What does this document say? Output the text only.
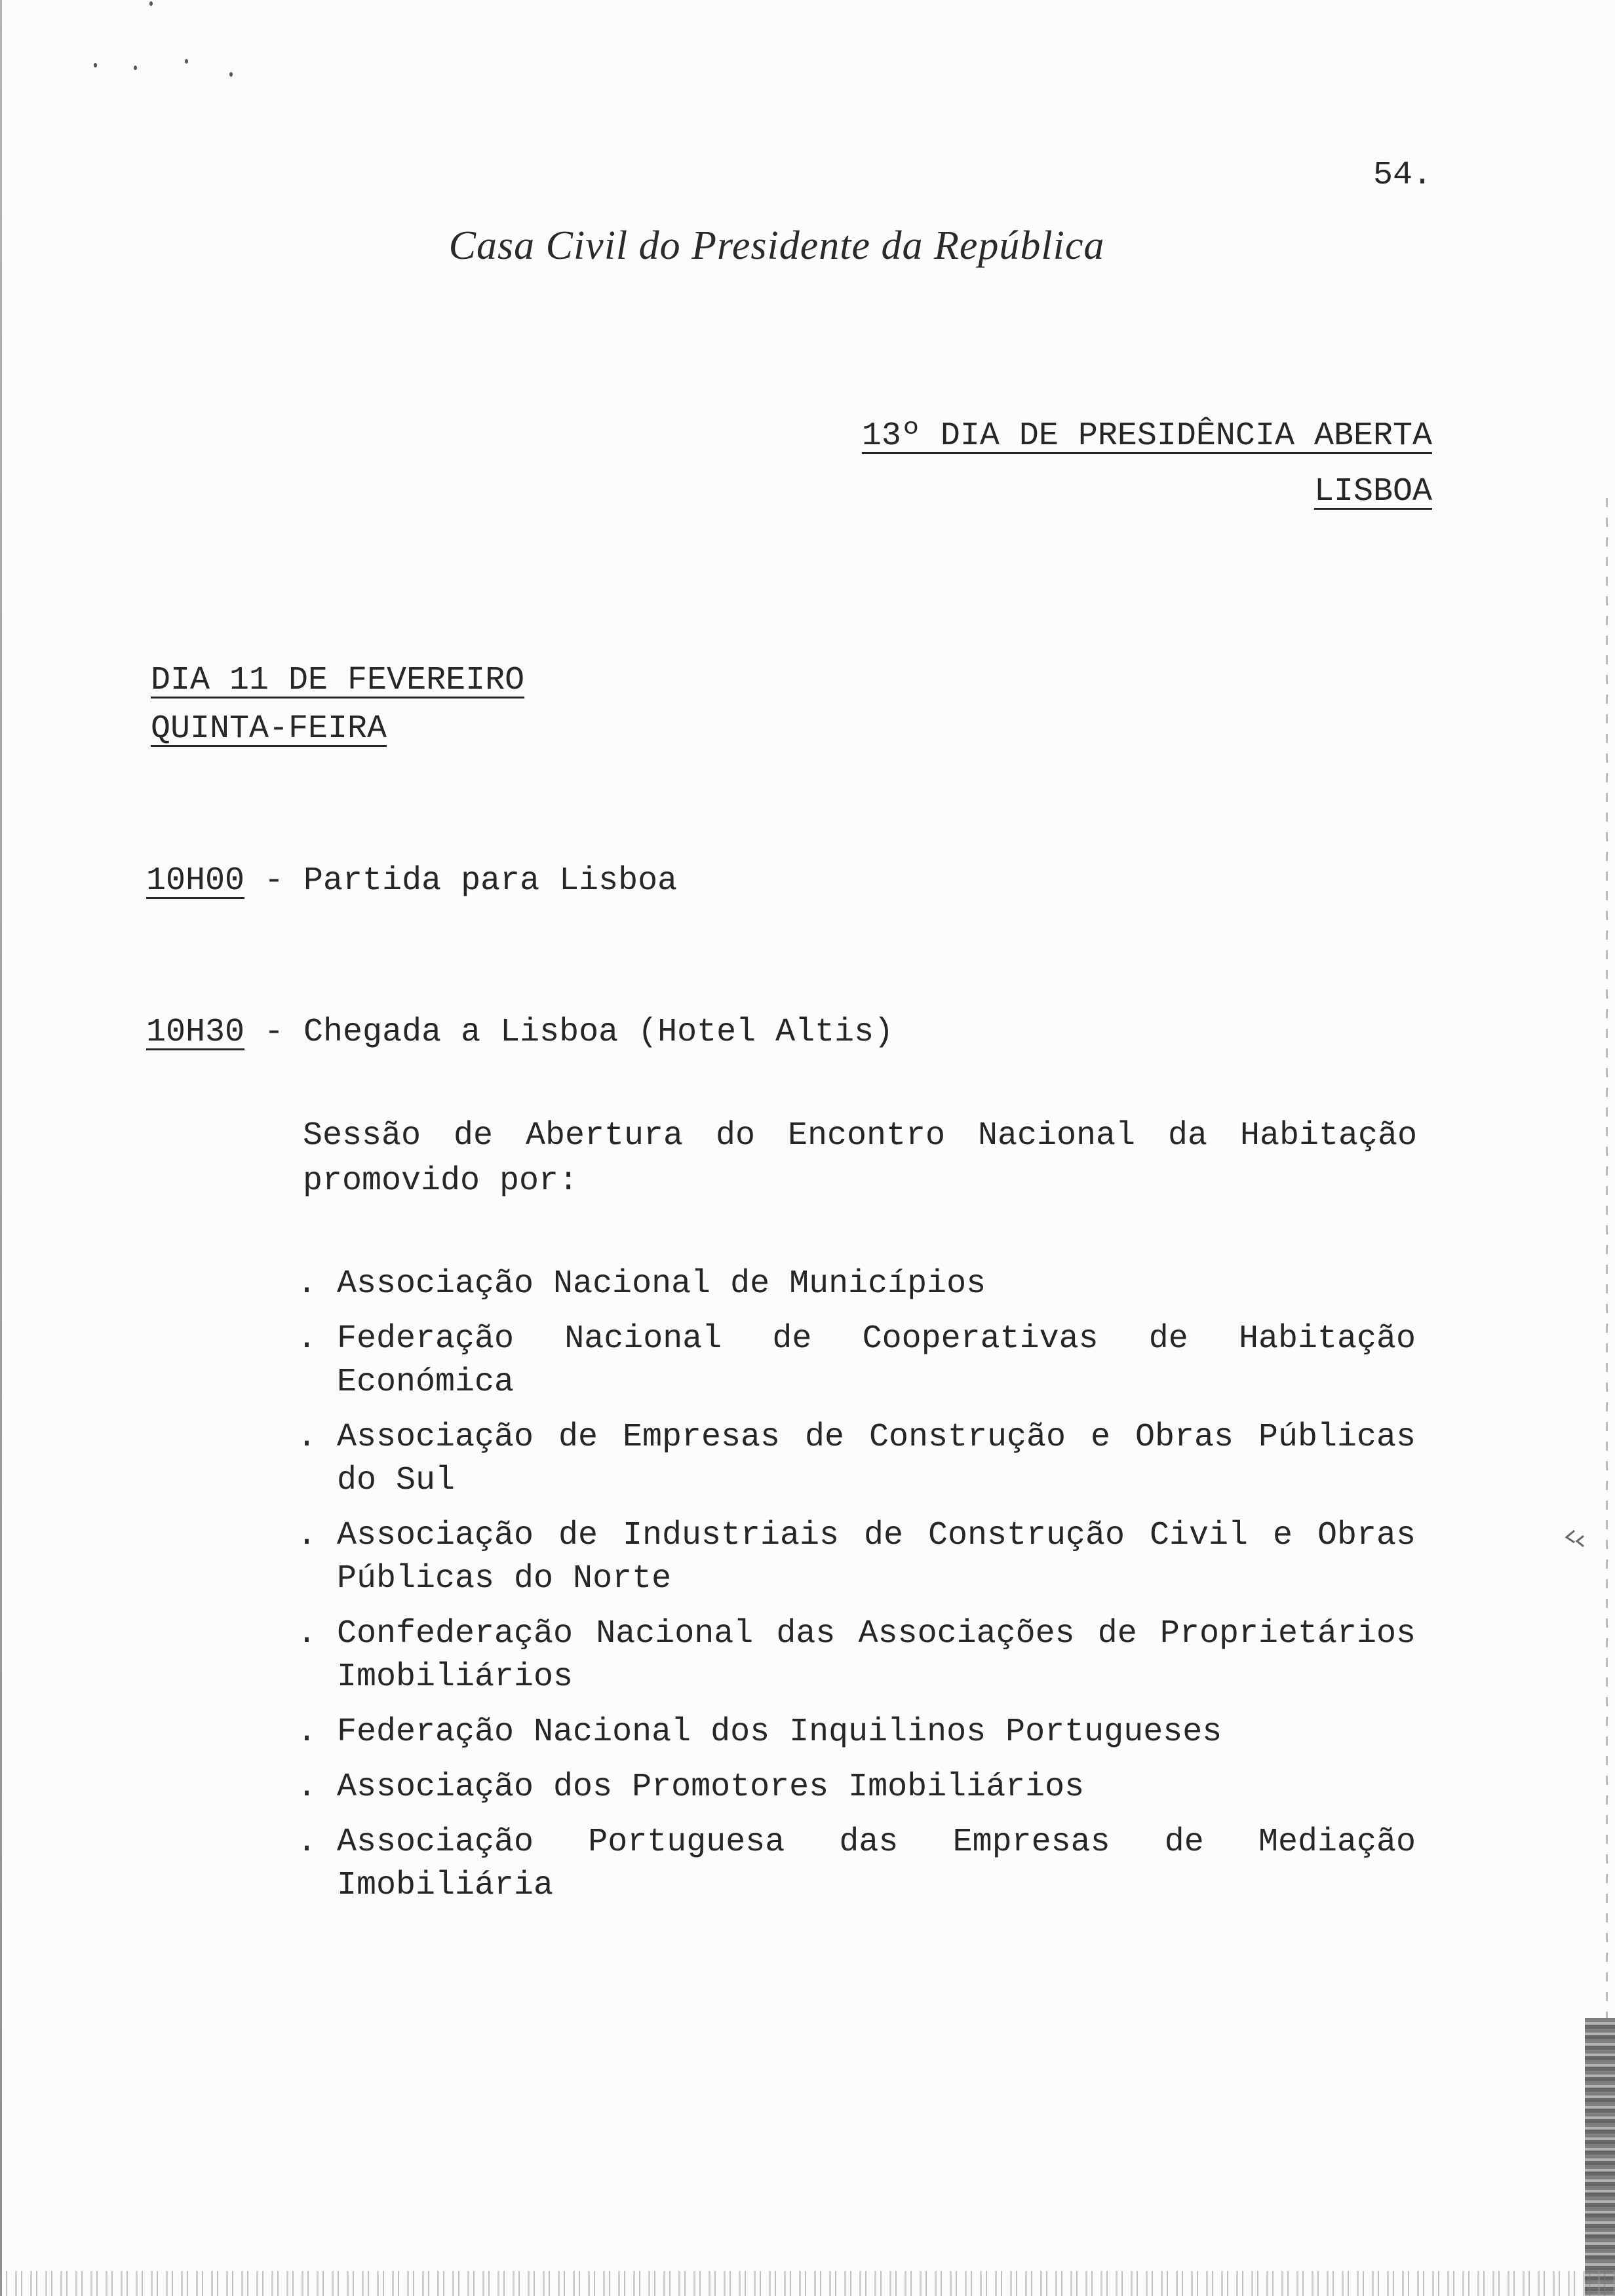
54.
Casa Civil do Presidente da República
13º DIA DE PRESIDÊNCIA ABERTA
LISBOA
DIA 11 DE FEVEREIRO
QUINTA-FEIRA
10H00 - Partida para Lisboa
10H30 - Chegada a Lisboa (Hotel Altis)
Sessão de Abertura do Encontro Nacional da Habitação promovido por:
. Associação Nacional de Municípios
. Federação Nacional de Cooperativas de Habitação Económica
. Associação de Empresas de Construção e Obras Públicas do Sul
. Associação de Industriais de Construção Civil e Obras Públicas do Norte
. Confederação Nacional das Associações de Proprietários Imobiliários
. Federação Nacional dos Inquilinos Portugueses
. Associação dos Promotores Imobiliários
. Associação Portuguesa das Empresas de Mediação Imobiliária
